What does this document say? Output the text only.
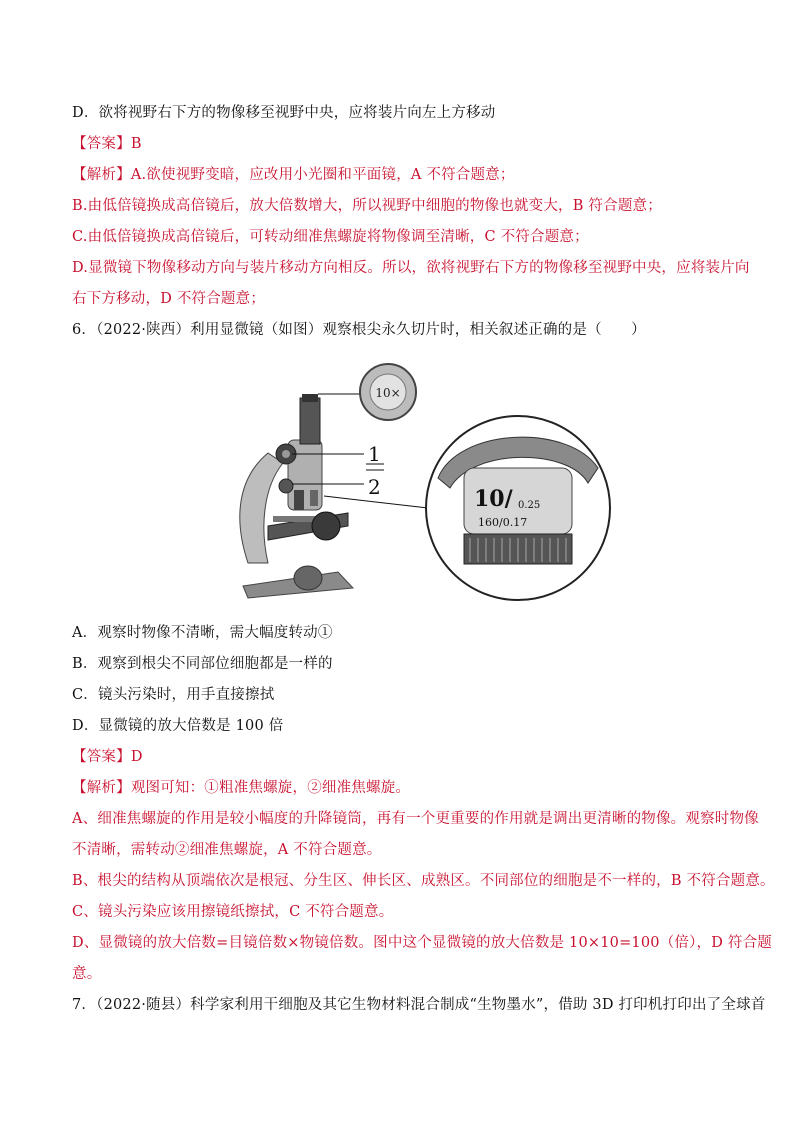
D．欲将视野右下方的物像移至视野中央，应将装片向左上方移动
【答案】B
【解析】A.欲使视野变暗，应改用小光圈和平面镜，A 不符合题意；
B.由低倍镜换成高倍镜后，放大倍数增大，所以视野中细胞的物像也就变大，B 符合题意；
C.由低倍镜换成高倍镜后，可转动细准焦螺旋将物像调至清晰，C 不符合题意；
D.显微镜下物像移动方向与装片移动方向相反。所以，欲将视野右下方的物像移至视野中央，应将装片向
右下方移动，D 不符合题意；
6．（2022·陕西）利用显微镜（如图）观察根尖永久切片时，相关叙述正确的是（　　）
1
2
10×
10/ 0.25
160/0.17
A．观察时物像不清晰，需大幅度转动①
B．观察到根尖不同部位细胞都是一样的
C．镜头污染时，用手直接擦拭
D．显微镜的放大倍数是 100 倍
【答案】D
【解析】观图可知：①粗准焦螺旋，②细准焦螺旋。
A、细准焦螺旋的作用是较小幅度的升降镜筒，再有一个更重要的作用就是调出更清晰的物像。观察时物像
不清晰，需转动②细准焦螺旋，A 不符合题意。
B、根尖的结构从顶端依次是根冠、分生区、伸长区、成熟区。不同部位的细胞是不一样的，B 不符合题意。
C、镜头污染应该用擦镜纸擦拭，C 不符合题意。
D、显微镜的放大倍数=目镜倍数×物镜倍数。图中这个显微镜的放大倍数是 10×10=100（倍），D 符合题
意。
7．（2022·随县）科学家利用干细胞及其它生物材料混合制成“生物墨水”，借助 3D 打印机打印出了全球首
